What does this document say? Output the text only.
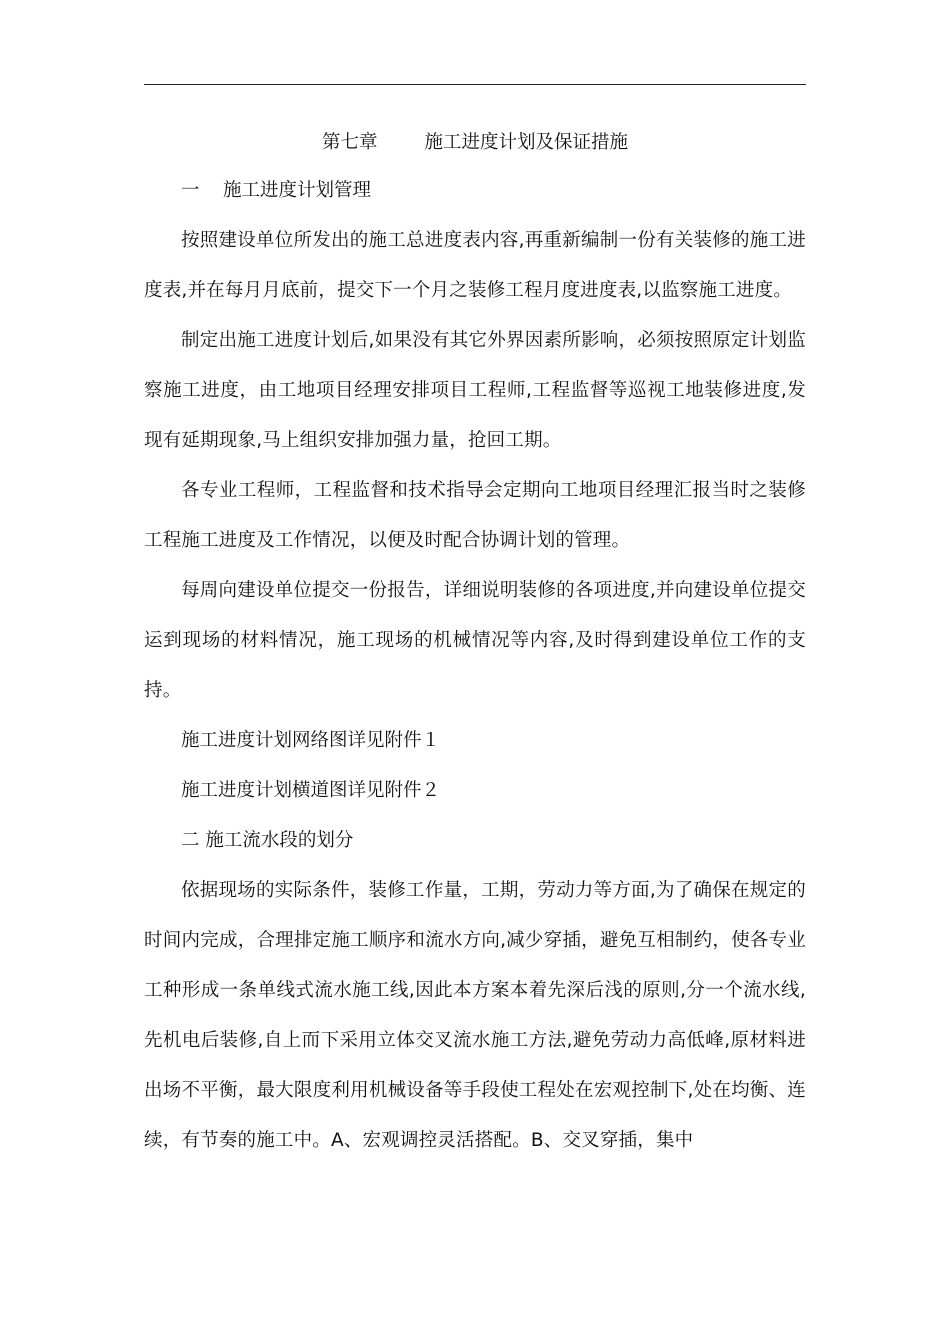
第七章        施工进度计划及保证措施

一    施工进度计划管理

按照建设单位所发出的施工总进度表内容,再重新编制一份有关装修的施工进度表,并在每月月底前，提交下一个月之装修工程月度进度表,以监察施工进度。

制定出施工进度计划后,如果没有其它外界因素所影响，必须按照原定计划监察施工进度，由工地项目经理安排项目工程师,工程监督等巡视工地装修进度,发现有延期现象,马上组织安排加强力量，抢回工期。

各专业工程师，工程监督和技术指导会定期向工地项目经理汇报当时之装修工程施工进度及工作情况，以便及时配合协调计划的管理。

每周向建设单位提交一份报告，详细说明装修的各项进度,并向建设单位提交运到现场的材料情况，施工现场的机械情况等内容,及时得到建设单位工作的支持。

施工进度计划网络图详见附件１

施工进度计划横道图详见附件２

二 施工流水段的划分

依据现场的实际条件，装修工作量，工期，劳动力等方面,为了确保在规定的时间内完成，合理排定施工顺序和流水方向,减少穿插，避免互相制约，使各专业工种形成一条单线式流水施工线,因此本方案本着先深后浅的原则,分一个流水线,先机电后装修,自上而下采用立体交叉流水施工方法,避免劳动力高低峰,原材料进出场不平衡，最大限度利用机械设备等手段使工程处在宏观控制下,处在均衡、连续，有节奏的施工中。A、宏观调控灵活搭配。B、交叉穿插，集中
